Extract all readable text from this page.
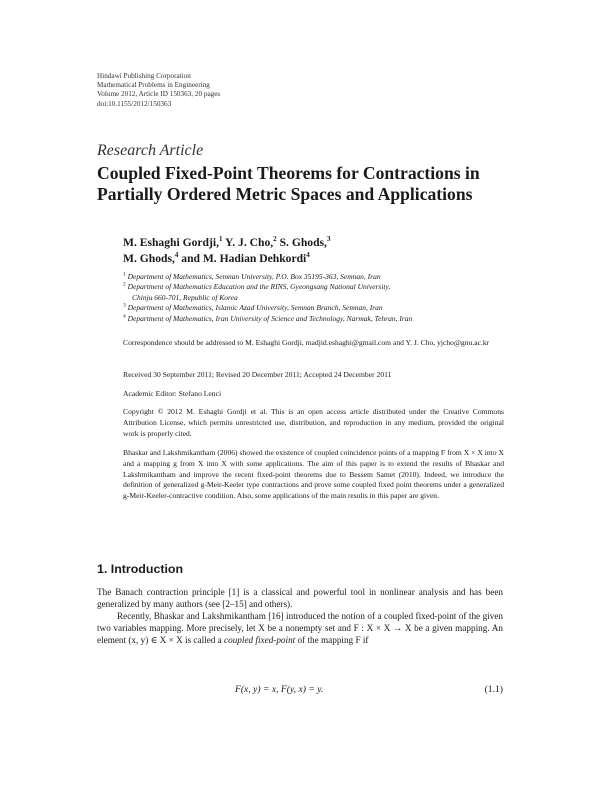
Hindawi Publishing Corporation
Mathematical Problems in Engineering
Volume 2012, Article ID 150363, 20 pages
doi:10.1155/2012/150363
Research Article
Coupled Fixed-Point Theorems for Contractions in
Partially Ordered Metric Spaces and Applications
M. Eshaghi Gordji,$^1$ Y. J. Cho,$^2$ S. Ghods,$^3$
M. Ghods,$^4$ and M. Hadian Dehkordi$^4$
$^1$ Department of Mathematics, Semnan University, P.O. Box 35195-363, Semnan, Iran
$^2$ Department of Mathematics Education and the RINS, Gyeongsang National University,
Chinju 660-701, Republic of Korea
$^3$ Department of Mathematics, Islamic Azad University, Semnan Branch, Semnan, Iran
$^4$ Department of Mathematics, Iran University of Science and Technology, Narmak, Tehran, Iran
Correspondence should be addressed to M. Eshaghi Gordji, madjid.eshaghi@gmail.com and Y. J. Cho, yjcho@gnu.ac.kr
Received 30 September 2011; Revised 20 December 2011; Accepted 24 December 2011
Academic Editor: Stefano Lenci
Copyright © 2012 M. Eshaghi Gordji et al. This is an open access article distributed under the Creative Commons Attribution License, which permits unrestricted use, distribution, and reproduction in any medium, provided the original work is properly cited.
Bhaskar and Lakshmikantham (2006) showed the existence of coupled coincidence points of a mapping F from X × X into X and a mapping g from X into X with some applications. The aim of this paper is to extend the results of Bhaskar and Lakshmikantham and improve the recent fixed-point theorems due to Bessem Samet (2010). Indeed, we introduce the definition of generalized g-Meir-Keeler type contractions and prove some coupled fixed point theorems under a generalized g-Meir-Keeler-contractive condition. Also, some applications of the main results in this paper are given.
1. Introduction

The Banach contraction principle [1] is a classical and powerful tool in nonlinear analysis and has been generalized by many authors (see [2–15] and others).

Recently, Bhaskar and Lakshmikantham [16] introduced the notion of a coupled fixed-point of the given two variables mapping. More precisely, let X be a nonempty set and F : X × X → X be a given mapping. An element (x, y) ∈ X × X is called a coupled fixed-point of the mapping F if

F(x, y) = x, F(y, x) = y.	(1.1)
